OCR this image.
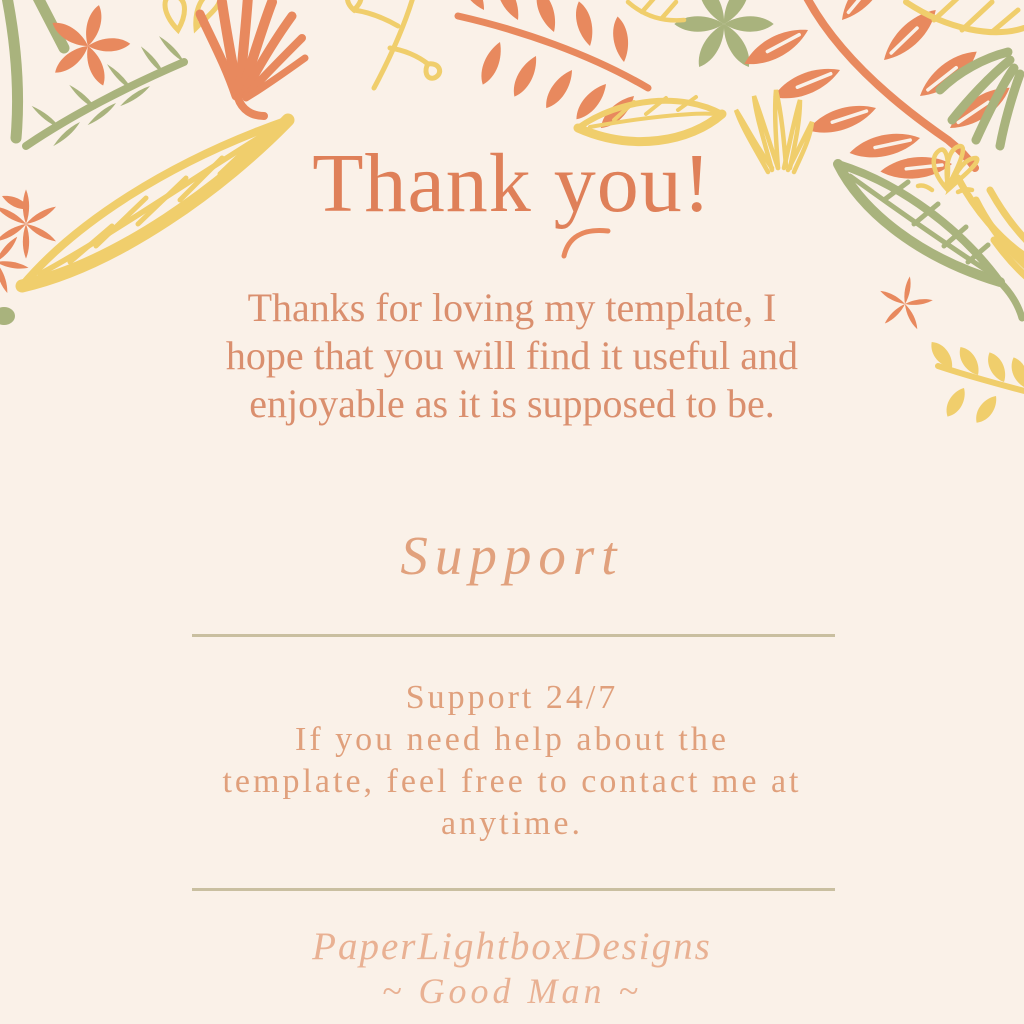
Thank you!
Thanks for loving my template, I
hope that you will find it useful and
enjoyable as it is supposed to be.
Support
Support 24/7
If you need help about the
template, feel free to contact me at
anytime.
PaperLightboxDesigns
~ Good Man ~
